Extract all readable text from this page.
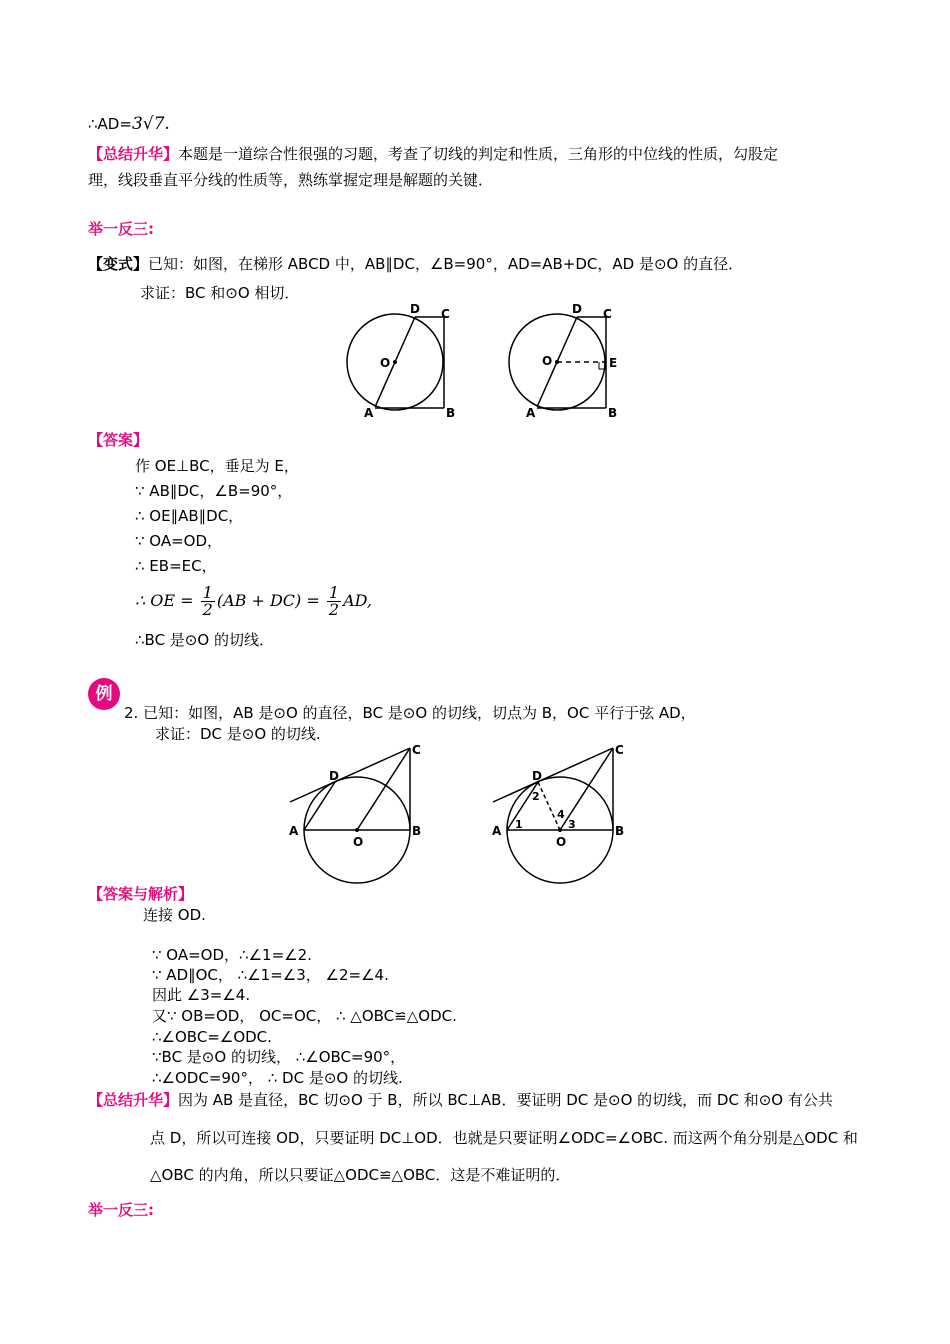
∴AD=3√7.
【总结升华】本题是一道综合性很强的习题，考查了切线的判定和性质，三角形的中位线的性质，勾股定
理，线段垂直平分线的性质等，熟练掌握定理是解题的关键．
举一反三:
【变式】已知：如图，在梯形 ABCD 中，AB∥DC，∠B=90°，AD=AB+DC，AD 是⊙O 的直径．
求证：BC 和⊙O 相切．
D C
O
A	B
D C
O	E
A	B
【答案】
作 OE⊥BC，垂足为 E，
∵ AB∥DC，∠B=90°，
∴ OE∥AB∥DC，
∵ OA=OD，
∴ EB=EC，
∴ OE = $\frac{1}{2} (AB + DC) = \frac{1}{2}$ AD,
∴BC 是⊙O 的切线．
例
2. 已知：如图，AB 是⊙O 的直径，BC 是⊙O 的切线，切点为 B，OC 平行于弦 AD，
求证：DC 是⊙O 的切线.
C
D
A	B
O
C
D
2
4
1	3
A	B
O
【答案与解析】
连接 OD.
∵ OA=OD，∴∠1=∠2.
∵ AD∥OC， ∴∠1=∠3， ∠2=∠4.
因此 ∠3=∠4.
又∵ OB=OD， OC=OC， ∴ △OBC≌△ODC.
∴∠OBC=∠ODC.
∵BC 是⊙O 的切线， ∴∠OBC=90°，
∴∠ODC=90°， ∴ DC 是⊙O 的切线.
【总结升华】因为 AB 是直径，BC 切⊙O 于 B，所以 BC⊥AB．要证明 DC 是⊙O 的切线，而 DC 和⊙O 有公共
点 D，所以可连接 OD，只要证明 DC⊥OD．也就是只要证明∠ODC=∠OBC. 而这两个角分别是△ODC 和
△OBC 的内角，所以只要证△ODC≌△OBC．这是不难证明的．
举一反三:
